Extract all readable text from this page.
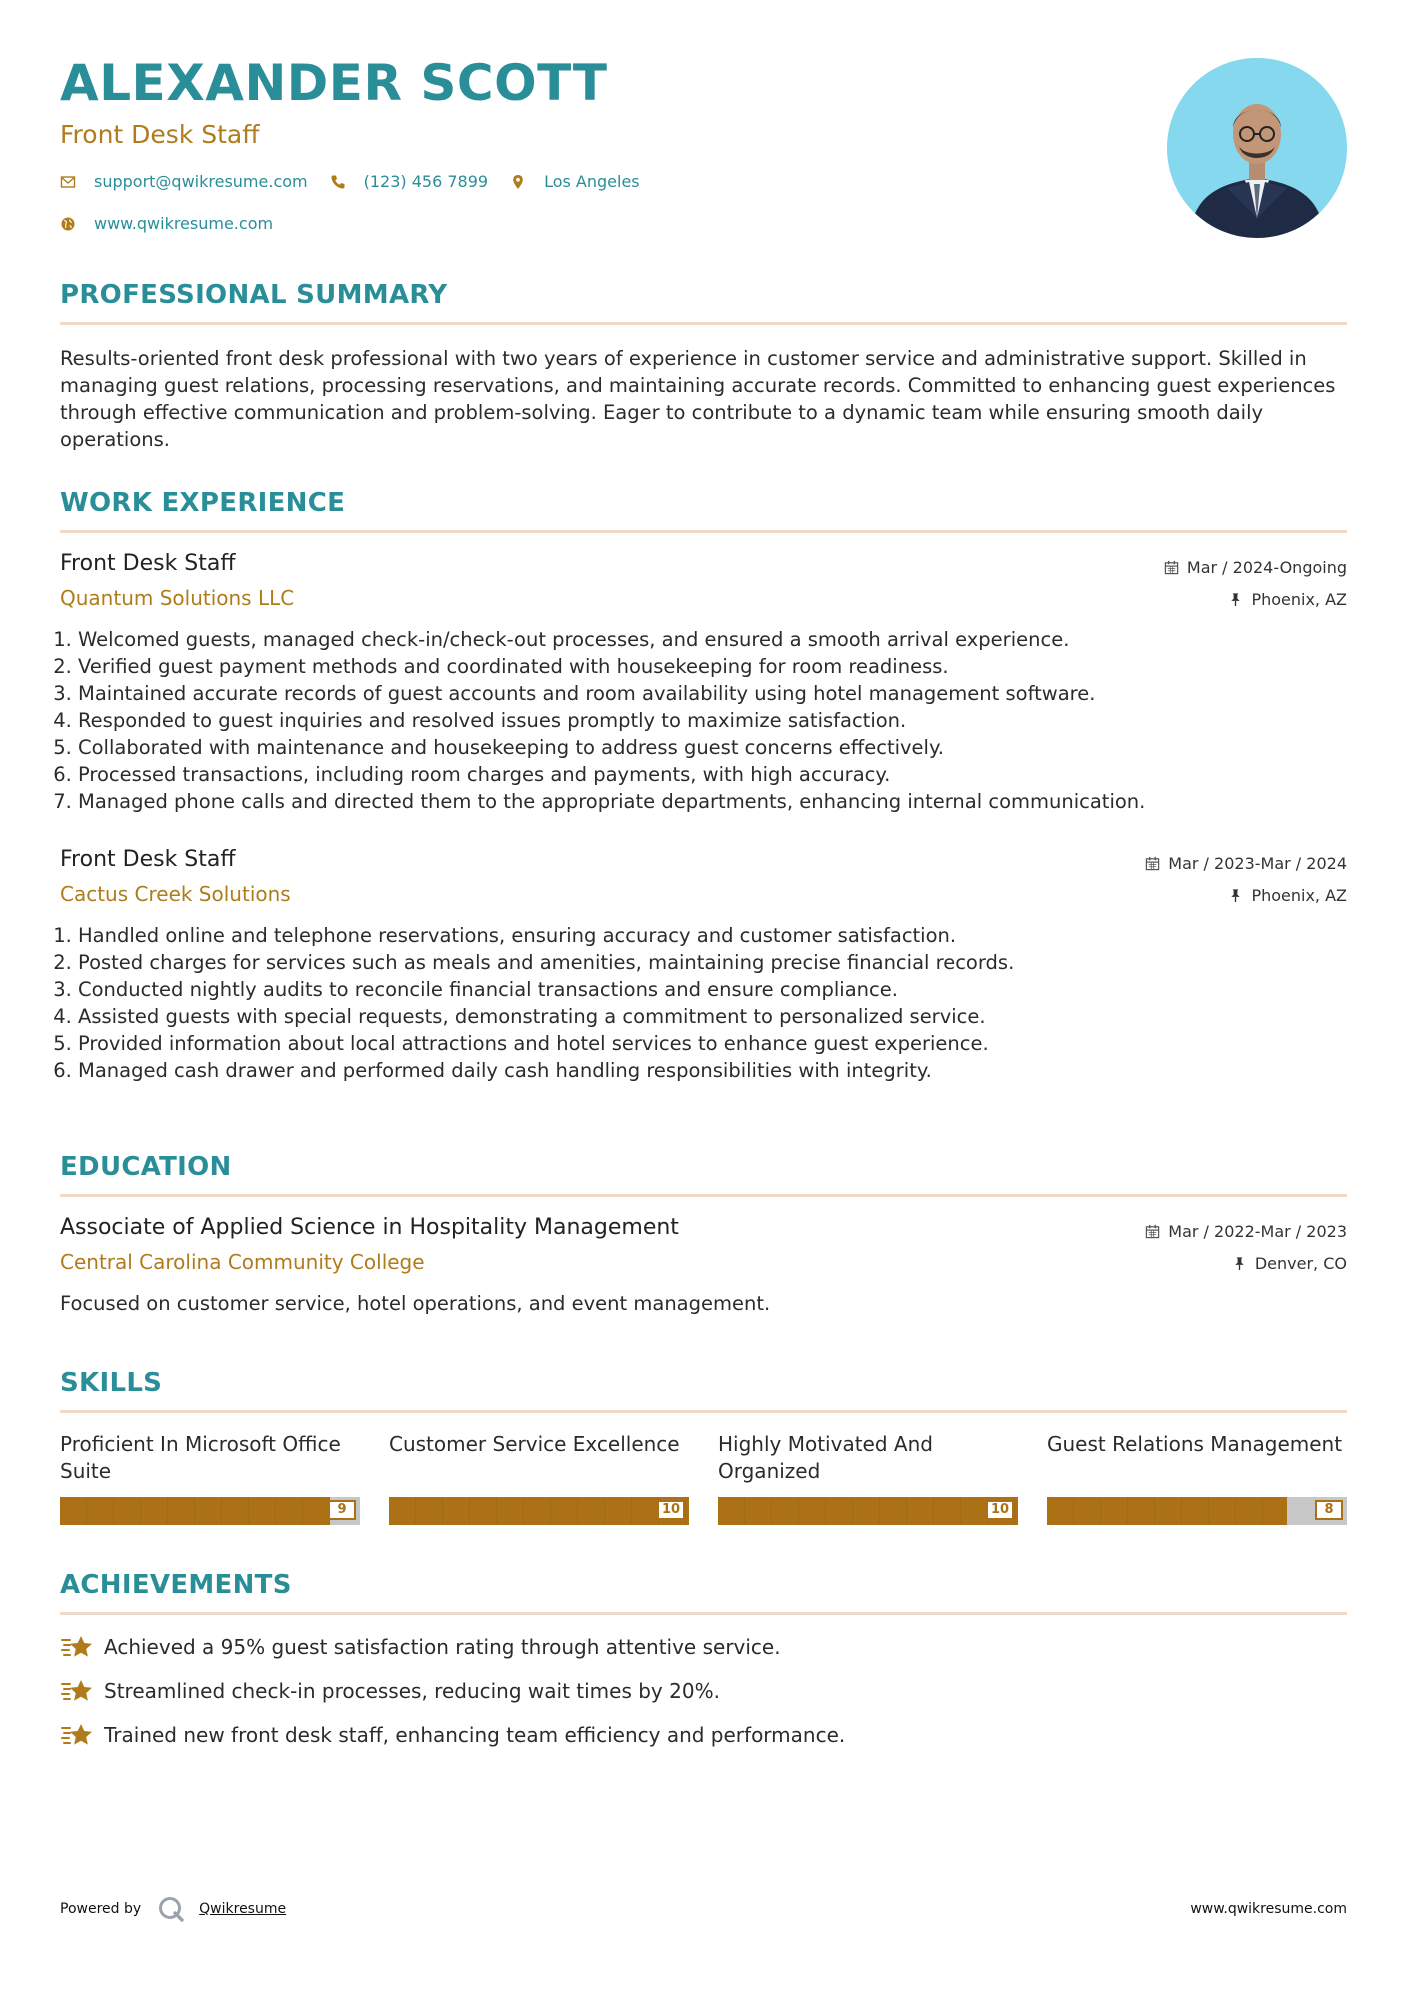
ALEXANDER SCOTT
Front Desk Staff
support@qwikresume.com	(123) 456 7899	Los Angeles
www.qwikresume.com
PROFESSIONAL SUMMARY
Results-oriented front desk professional with two years of experience in customer service and administrative support. Skilled in managing guest relations, processing reservations, and maintaining accurate records. Committed to enhancing guest experiences through effective communication and problem-solving. Eager to contribute to a dynamic team while ensuring smooth daily operations.
WORK EXPERIENCE
Front Desk Staff
Quantum Solutions LLC
Mar / 2024-Ongoing
Phoenix, AZ
1. Welcomed guests, managed check-in/check-out processes, and ensured a smooth arrival experience.
2. Verified guest payment methods and coordinated with housekeeping for room readiness.
3. Maintained accurate records of guest accounts and room availability using hotel management software.
4. Responded to guest inquiries and resolved issues promptly to maximize satisfaction.
5. Collaborated with maintenance and housekeeping to address guest concerns effectively.
6. Processed transactions, including room charges and payments, with high accuracy.
7. Managed phone calls and directed them to the appropriate departments, enhancing internal communication.
Front Desk Staff
Cactus Creek Solutions
Mar / 2023-Mar / 2024
Phoenix, AZ
1. Handled online and telephone reservations, ensuring accuracy and customer satisfaction.
2. Posted charges for services such as meals and amenities, maintaining precise financial records.
3. Conducted nightly audits to reconcile financial transactions and ensure compliance.
4. Assisted guests with special requests, demonstrating a commitment to personalized service.
5. Provided information about local attractions and hotel services to enhance guest experience.
6. Managed cash drawer and performed daily cash handling responsibilities with integrity.
EDUCATION
Associate of Applied Science in Hospitality Management
Central Carolina Community College
Mar / 2022-Mar / 2023
Denver, CO
Focused on customer service, hotel operations, and event management.
SKILLS
Proficient In Microsoft Office Suite
9
Customer Service Excellence
10
Highly Motivated And Organized
10
Guest Relations Management
8
ACHIEVEMENTS
Achieved a 95% guest satisfaction rating through attentive service.
Streamlined check-in processes, reducing wait times by 20%.
Trained new front desk staff, enhancing team efficiency and performance.
Powered by	Qwikresume	www.qwikresume.com
